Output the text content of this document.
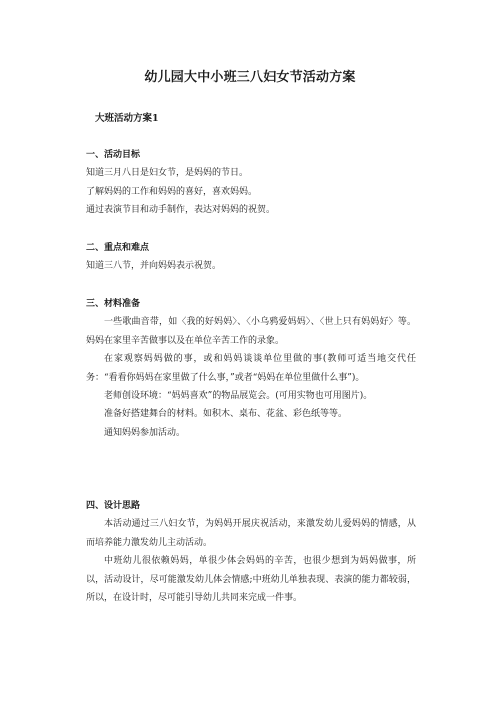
幼儿园大中小班三八妇女节活动方案
大班活动方案1

一、活动目标

知道三月八日是妇女节，是妈妈的节日。

了解妈妈的工作和妈妈的喜好，喜欢妈妈。

通过表演节目和动手制作，表达对妈妈的祝贺。

二、重点和难点

知道三八节，并向妈妈表示祝贺。

三、材料准备

一些歌曲音带，如〈我的好妈妈〉、〈小乌鸦爱妈妈〉、〈世上只有妈妈好〉等。 妈妈在家里辛苦做事以及在单位辛苦工作的录象。

在家观察妈妈做的事，或和妈妈谈谈单位里做的事(教师可适当地交代任务：“看看你妈妈在家里做了什么事，”或者“妈妈在单位里做什么事”)。

老师创设环境：“妈妈喜欢”的物品展览会。(可用实物也可用图片)。

准备好搭建舞台的材料。如积木、桌布、花盆、彩色纸等等。

通知妈妈参加活动。

四、设计思路

本活动通过三八妇女节，为妈妈开展庆祝活动，来激发幼儿爱妈妈的情感，从而培养能力激发幼儿主动活动。

中班幼儿很依赖妈妈，单很少体会妈妈的辛苦，也很少想到为妈妈做事，所以，活动设计，尽可能激发幼儿体会情感;中班幼儿单独表现、表演的能力都较弱，所以，在设计时，尽可能引导幼儿共同来完成一件事。
